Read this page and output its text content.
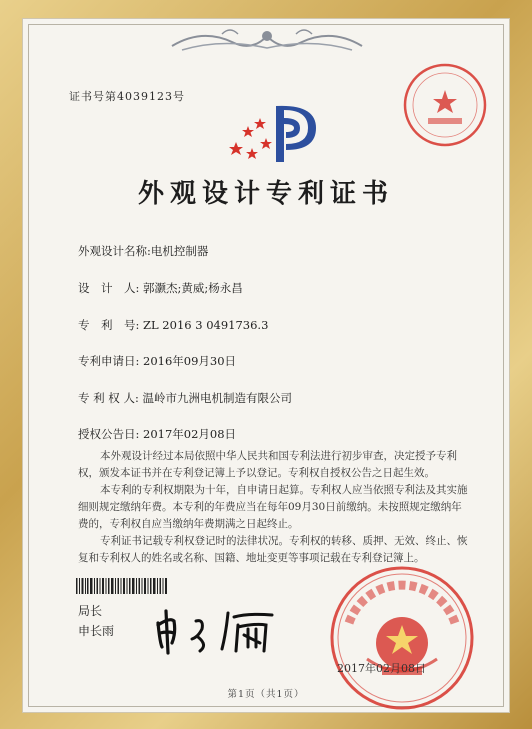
证书号第4039123号
外观设计专利证书
外观设计名称:电机控制器
设　计　人: 郭灏杰;黄威;杨永昌
专　利　号: ZL 2016 3 0491736.3
专利申请日: 2016年09月30日
专 利 权 人: 温岭市九洲电机制造有限公司
授权公告日: 2017年02月08日

本外观设计经过本局依照中华人民共和国专利法进行初步审查，决定授予专利权，颁发本证书并在专利登记簿上予以登记。专利权自授权公告之日起生效。

本专利的专利权期限为十年，自申请日起算。专利权人应当依照专利法及其实施细则规定缴纳年费。本专利的年费应当在每年09月30日前缴纳。未按照规定缴纳年费的，专利权自应当缴纳年费期满之日起终止。

专利证书记载专利权登记时的法律状况。专利权的转移、质押、无效、终止、恢复和专利权人的姓名或名称、国籍、地址变更等事项记载在专利登记簿上。

局长
申长雨
2017年02月08日
第1页（共1页）
